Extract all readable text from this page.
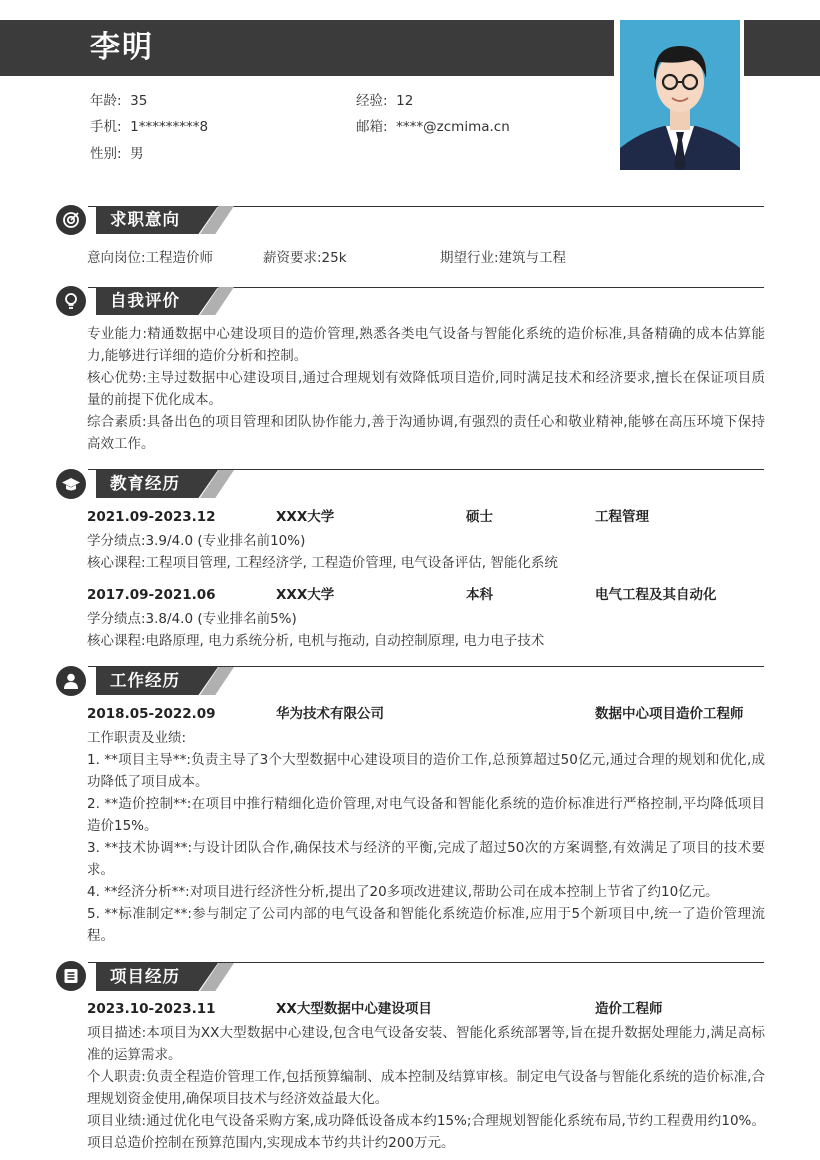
李明
年龄: 35	经验: 12
手机: 1*********8	邮箱: ****@zcmima.cn
性别: 男
求职意向
意向岗位:工程造价师	薪资要求:25k	期望行业:建筑与工程
自我评价
专业能力:精通数据中心建设项目的造价管理,熟悉各类电气设备与智能化系统的造价标准,具备精确的成本估算能力,能够进行详细的造价分析和控制。
核心优势:主导过数据中心建设项目,通过合理规划有效降低项目造价,同时满足技术和经济要求,擅长在保证项目质量的前提下优化成本。
综合素质:具备出色的项目管理和团队协作能力,善于沟通协调,有强烈的责任心和敬业精神,能够在高压环境下保持高效工作。
教育经历
2021.09-2023.12	XXX大学	硕士	工程管理
学分绩点:3.9/4.0 (专业排名前10%)
核心课程:工程项目管理, 工程经济学, 工程造价管理, 电气设备评估, 智能化系统
2017.09-2021.06	XXX大学	本科	电气工程及其自动化
学分绩点:3.8/4.0 (专业排名前5%)
核心课程:电路原理, 电力系统分析, 电机与拖动, 自动控制原理, 电力电子技术
工作经历
2018.05-2022.09	华为技术有限公司	数据中心项目造价工程师
工作职责及业绩:
1. **项目主导**:负责主导了3个大型数据中心建设项目的造价工作,总预算超过50亿元,通过合理的规划和优化,成功降低了项目成本。
2. **造价控制**:在项目中推行精细化造价管理,对电气设备和智能化系统的造价标准进行严格控制,平均降低项目造价15%。
3. **技术协调**:与设计团队合作,确保技术与经济的平衡,完成了超过50次的方案调整,有效满足了项目的技术要求。
4. **经济分析**:对项目进行经济性分析,提出了20多项改进建议,帮助公司在成本控制上节省了约10亿元。
5. **标准制定**:参与制定了公司内部的电气设备和智能化系统造价标准,应用于5个新项目中,统一了造价管理流程。
项目经历
2023.10-2023.11	XX大型数据中心建设项目	造价工程师
项目描述:本项目为XX大型数据中心建设,包含电气设备安装、智能化系统部署等,旨在提升数据处理能力,满足高标准的运算需求。
个人职责:负责全程造价管理工作,包括预算编制、成本控制及结算审核。制定电气设备与智能化系统的造价标准,合理规划资金使用,确保项目技术与经济效益最大化。
项目业绩:通过优化电气设备采购方案,成功降低设备成本约15%;合理规划智能化系统布局,节约工程费用约10%。项目总造价控制在预算范围内,实现成本节约共计约200万元。
